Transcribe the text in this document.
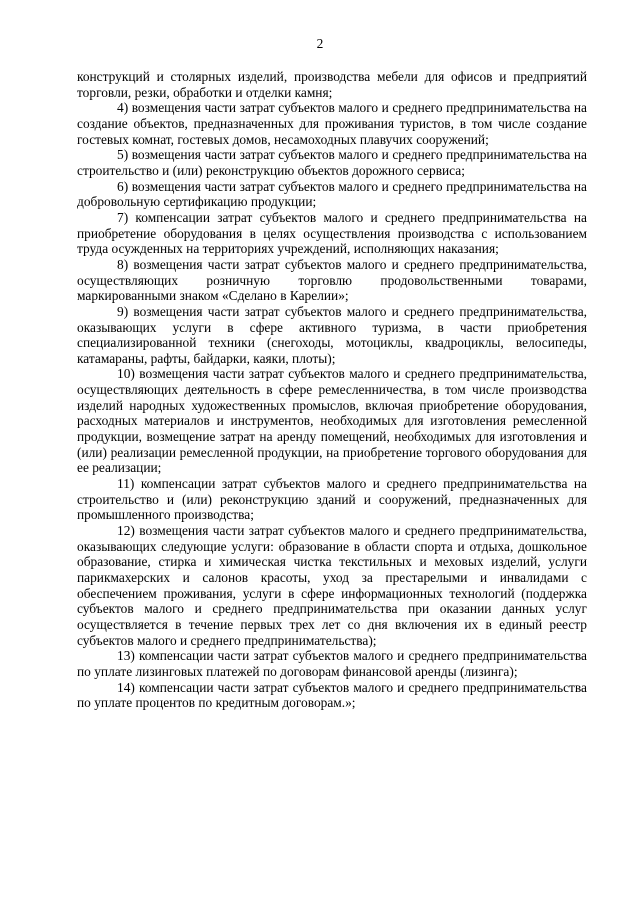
2

конструкций и столярных изделий, производства мебели для офисов и предприятий торговли, резки, обработки и отделки камня;

4) возмещения части затрат субъектов малого и среднего предпринимательства на создание объектов, предназначенных для проживания туристов, в том числе создание гостевых комнат, гостевых домов, несамоходных плавучих сооружений;

5) возмещения части затрат субъектов малого и среднего предпринимательства на строительство и (или) реконструкцию объектов дорожного сервиса;

6) возмещения части затрат субъектов малого и среднего предпринимательства на добровольную сертификацию продукции;

7) компенсации затрат субъектов малого и среднего предпринимательства на приобретение оборудования в целях осуществления производства с использованием труда осужденных на территориях учреждений, исполняющих наказания;

8) возмещения части затрат субъектов малого и среднего предпринимательства, осуществляющих розничную торговлю продовольственными товарами, маркированными знаком «Сделано в Карелии»;

9) возмещения части затрат субъектов малого и среднего предпринимательства, оказывающих услуги в сфере активного туризма, в части приобретения специализированной техники (снегоходы, мотоциклы, квадроциклы, велосипеды, катамараны, рафты, байдарки, каяки, плоты);

10) возмещения части затрат субъектов малого и среднего предпринимательства, осуществляющих деятельность в сфере ремесленничества, в том числе производства изделий народных художественных промыслов, включая приобретение оборудования, расходных материалов и инструментов, необходимых для изготовления ремесленной продукции, возмещение затрат на аренду помещений, необходимых для изготовления и (или) реализации ремесленной продукции, на приобретение торгового оборудования для ее реализации;

11) компенсации затрат субъектов малого и среднего предпринимательства на строительство и (или) реконструкцию зданий и сооружений, предназначенных для промышленного производства;

12) возмещения части затрат субъектов малого и среднего предпринимательства, оказывающих следующие услуги: образование в области спорта и отдыха, дошкольное образование, стирка и химическая чистка текстильных и меховых изделий, услуги парикмахерских и салонов красоты, уход за престарелыми и инвалидами с обеспечением проживания, услуги в сфере информационных технологий (поддержка субъектов малого и среднего предпринимательства при оказании данных услуг осуществляется в течение первых трех лет со дня включения их в единый реестр субъектов малого и среднего предпринимательства);

13) компенсации части затрат субъектов малого и среднего предпринимательства по уплате лизинговых платежей по договорам финансовой аренды (лизинга);

14) компенсации части затрат субъектов малого и среднего предпринимательства по уплате процентов по кредитным договорам.»;
